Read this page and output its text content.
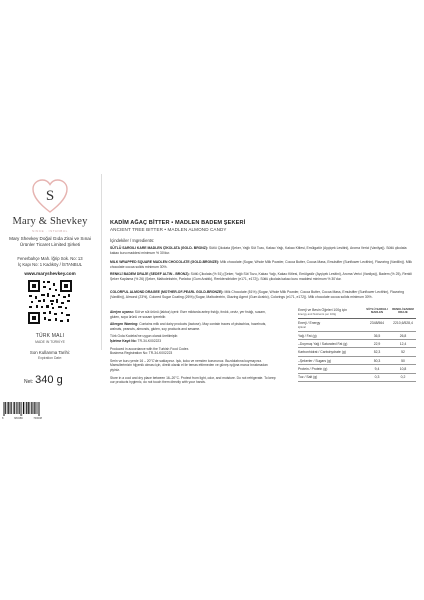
S
Mary & Shevkey
SINCE · ISTANBUL
Mary Shevkey Doğal Gıda Zirai ve Sınai Ürünler Ticaret Limited Şirketi
Fenerbahçe Mah. İğrip Sok. No: 13
İç Kapı No: 1 Kadıköy / İSTANBUL
www.maryshevkey.com
TÜRK MALI
MADE IN TÜRKİYE
Son Kullanma Tarihi:
Expiration Date:
Net: 340 g
8	683489	700008
KADİM AĞAÇ BİTTER • MADLEN BADEM ŞEKERİ
ANCIENT TREE BITTER • MADLEN ALMOND CANDY
İçindekiler / Ingredients:
SÜTLÜ SARGILI KARE MADLEN ÇİKOLATA (GOLD- BRONZ): Sütlü Çikolata (Şeker, Yağlı Süt Tozu, Kakao Yağı, Kakao Kitlesi, Emülgatör (Ayçiçek Lesitini), Aroma Verici (Vanilya)). Sütlü çikolata kakao kuru maddesi minimum % 30'dur.
MILK WRAPPED SQUARE MADLEN CHOCOLATE (GOLD-BRONZE): Milk chocolate (Sugar, Whole Milk Powder, Cocoa Butter, Cocoa Mass, Emulsifier (Sunflower Lecithin), Flavoring (Vanillin)). Milk chocolate cocoa solids minimum 30%.
RENKLİ BADEM DRAJE (SEDEF ALTIN - BRONZ): Sütlü Çikolata (% 51) (Şeker, Yağlı Süt Tozu, Kakao Yağı, Kakao Kitlesi, Emülgatör (Ayçiçek Lesitini), Aroma Verici (Vanilya)), Badem (% 25), Renkli Şeker Kaplama (% 26) (Şeker, Maltodekstrin, Parlatıcı (Gum Arabik), Renklendiriciler (e171, e172)). Sütlü çikolata kakao kuru maddesi minimum % 30'dur.
COLORFUL ALMOND DRAGEE (MOTHER-OF-PEARL GOLD-BRONZE): Milk Chocolate (51%) (Sugar, Whole Milk Powder, Cocoa Butter, Cocoa Mass, Emulsifier (Sunflower Lecithin), Flavoring (Vanillin)), Almond (23%), Colored Sugar Coating (26%) (Sugar, Maltodextrin, Glazing Agent (Gum Arabic), Colorings (e171, e172)). Milk chocolate cocoa solids minimum 30%.
Alerjen uyarısı: Süt ve süt ürünü (laktoz) içerir. Eser miktarda antep fıstığı, fındık, ceviz, yer fıstığı, susam, gluten, soya ürünü ve susam içerebilir.
Allergen Warning: Contains milk and dairy products (lactose). May contain traces of pistachios, hazelnuts, walnuts, peanuts, almonds, gluten, soy products and sesame.
Türk Gıda Kodeksi'ne uygun olarak üretilmiştir.
İşletme Kayıt No: TR-34-K002223
Produced in accordance with the Turkish Food Codex.
Business Registration No: TR-34-K002223
Serin ve kuru yerde 16 – 20°C'de saklayınız. Işık, koku ve nemden korununuz. Buzdolabına koymayınız. Mamullerimizin hijyenik olması için, direkt olarak el ile temas ettirmeden ve güneş ışığına maruz bırakmadan yiyiniz.
Store in a cool and dry place between 16–20°C. Protect from light, odor, and moisture. Do not refrigerate. To keep our products hygienic, do not touch them directly with your hands.
Enerji ve Besin Öğeleri 100g için
Energy and Nutrients per 100g
SÜTLÜ SARGILI MADLEN
RENKLİ BADEM DRAJE
Enerji / Energy
kj/kcal
2348/564	2210,6/528,4
Yağ / Fat (g)	36,5	26,8
–Doymuş Yağ / Saturated Fat (g)	22,9	12,4
Karbonhidrat / Carbohydrate (g)	52,3	52
–Şekerler / Sugars (g)	50,3	50
Protein / Protein (g)	9,4	10,8
Tuz / Salt (g)	0,3	0,2
